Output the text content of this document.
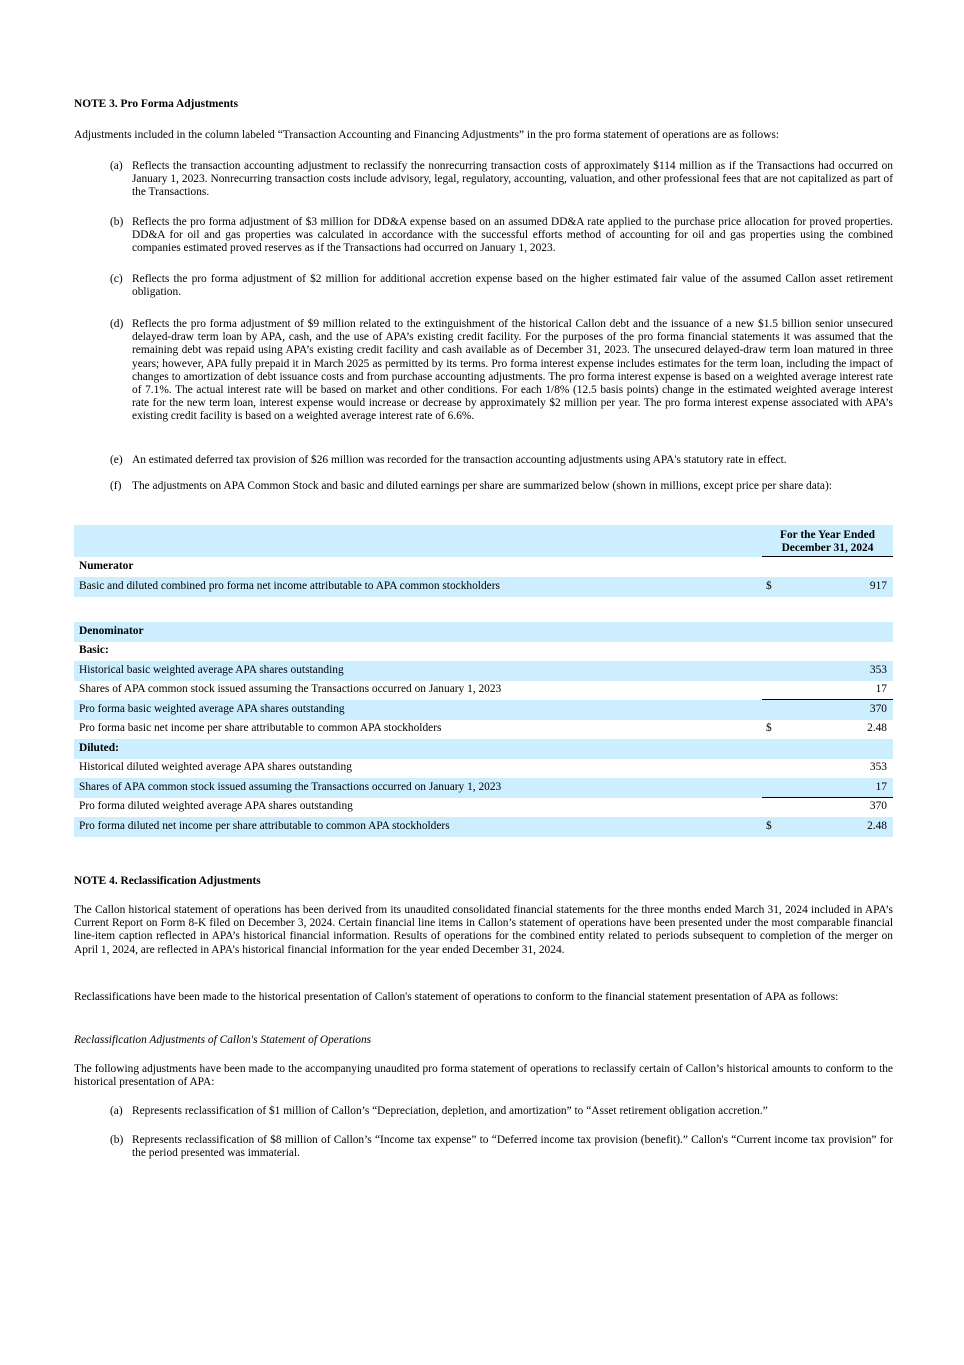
NOTE 3. Pro Forma Adjustments

Adjustments included in the column labeled “Transaction Accounting and Financing Adjustments” in the pro forma statement of operations are as follows:

(a) Reflects the transaction accounting adjustment to reclassify the nonrecurring transaction costs of approximately $114 million as if the Transactions had occurred on January 1, 2023. Nonrecurring transaction costs include advisory, legal, regulatory, accounting, valuation, and other professional fees that are not capitalized as part of the Transactions.

(b) Reflects the pro forma adjustment of $3 million for DD&A expense based on an assumed DD&A rate applied to the purchase price allocation for proved properties. DD&A for oil and gas properties was calculated in accordance with the successful efforts method of accounting for oil and gas properties using the combined companies estimated proved reserves as if the Transactions had occurred on January 1, 2023.

(c) Reflects the pro forma adjustment of $2 million for additional accretion expense based on the higher estimated fair value of the assumed Callon asset retirement obligation.

(d) Reflects the pro forma adjustment of $9 million related to the extinguishment of the historical Callon debt and the issuance of a new $1.5 billion senior unsecured delayed-draw term loan by APA, cash, and the use of APA’s existing credit facility. For the purposes of the pro forma financial statements it was assumed that the remaining debt was repaid using APA’s existing credit facility and cash available as of December 31, 2023. The unsecured delayed-draw term loan matured in three years; however, APA fully prepaid it in March 2025 as permitted by its terms. Pro forma interest expense includes estimates for the term loan, including the impact of changes to amortization of debt issuance costs and from purchase accounting adjustments. The pro forma interest expense is based on a weighted average interest rate of 7.1%. The actual interest rate will be based on market and other conditions. For each 1/8% (12.5 basis points) change in the estimated weighted average interest rate for the new term loan, interest expense would increase or decrease by approximately $2 million per year. The pro forma interest expense associated with APA’s existing credit facility is based on a weighted average interest rate of 6.6%.

(e) An estimated deferred tax provision of $26 million was recorded for the transaction accounting adjustments using APA's statutory rate in effect.

(f) The adjustments on APA Common Stock and basic and diluted earnings per share are summarized below (shown in millions, except price per share data):

For the Year Ended
December 31, 2024
Numerator
Basic and diluted combined pro forma net income attributable to APA common stockholders	$	917
Denominator
Basic:
Historical basic weighted average APA shares outstanding	353
Shares of APA common stock issued assuming the Transactions occurred on January 1, 2023	17
Pro forma basic weighted average APA shares outstanding	370
Pro forma basic net income per share attributable to common APA stockholders	$	2.48
Diluted:
Historical diluted weighted average APA shares outstanding	353
Shares of APA common stock issued assuming the Transactions occurred on January 1, 2023	17
Pro forma diluted weighted average APA shares outstanding	370
Pro forma diluted net income per share attributable to common APA stockholders	$	2.48
NOTE 4. Reclassification Adjustments

The Callon historical statement of operations has been derived from its unaudited consolidated financial statements for the three months ended March 31, 2024 included in APA’s Current Report on Form 8-K filed on December 3, 2024. Certain financial line items in Callon’s statement of operations have been presented under the most comparable financial line-item caption reflected in APA’s historical financial information. Results of operations for the combined entity related to periods subsequent to completion of the merger on April 1, 2024, are reflected in APA’s historical financial information for the year ended December 31, 2024.

Reclassifications have been made to the historical presentation of Callon's statement of operations to conform to the financial statement presentation of APA as follows:

Reclassification Adjustments of Callon's Statement of Operations

The following adjustments have been made to the accompanying unaudited pro forma statement of operations to reclassify certain of Callon’s historical amounts to conform to the historical presentation of APA:

(a) Represents reclassification of $1 million of Callon’s “Depreciation, depletion, and amortization” to “Asset retirement obligation accretion.”

(b) Represents reclassification of $8 million of Callon’s “Income tax expense” to “Deferred income tax provision (benefit).” Callon's “Current income tax provision” for the period presented was immaterial.
